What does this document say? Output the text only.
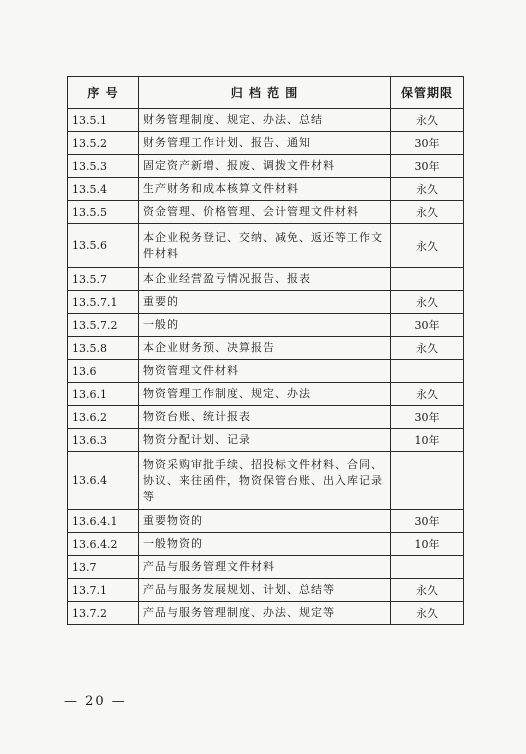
序 号	归 档 范 围	保管期限
13.5.1	财务管理制度、规定、办法、总结	永久
13.5.2	财务管理工作计划、报告、通知	30年
13.5.3	固定资产新增、报废、调拨文件材料	30年
13.5.4	生产财务和成本核算文件材料	永久
13.5.5	资金管理、价格管理、会计管理文件材料	永久
13.5.6	本企业税务登记、交纳、减免、返还等工作文件材料	永久
13.5.7	本企业经营盈亏情况报告、报表	
13.5.7.1	重要的	永久
13.5.7.2	一般的	30年
13.5.8	本企业财务预、决算报告	永久
13.6	物资管理文件材料	
13.6.1	物资管理工作制度、规定、办法	永久
13.6.2	物资台账、统计报表	30年
13.6.3	物资分配计划、记录	10年
13.6.4	物资采购审批手续、招投标文件材料、合同、协议、来往函件，物资保管台账、出入库记录等	
13.6.4.1	重要物资的	30年
13.6.4.2	一般物资的	10年
13.7	产品与服务管理文件材料	
13.7.1	产品与服务发展规划、计划、总结等	永久
13.7.2	产品与服务管理制度、办法、规定等	永久
— 20 —
